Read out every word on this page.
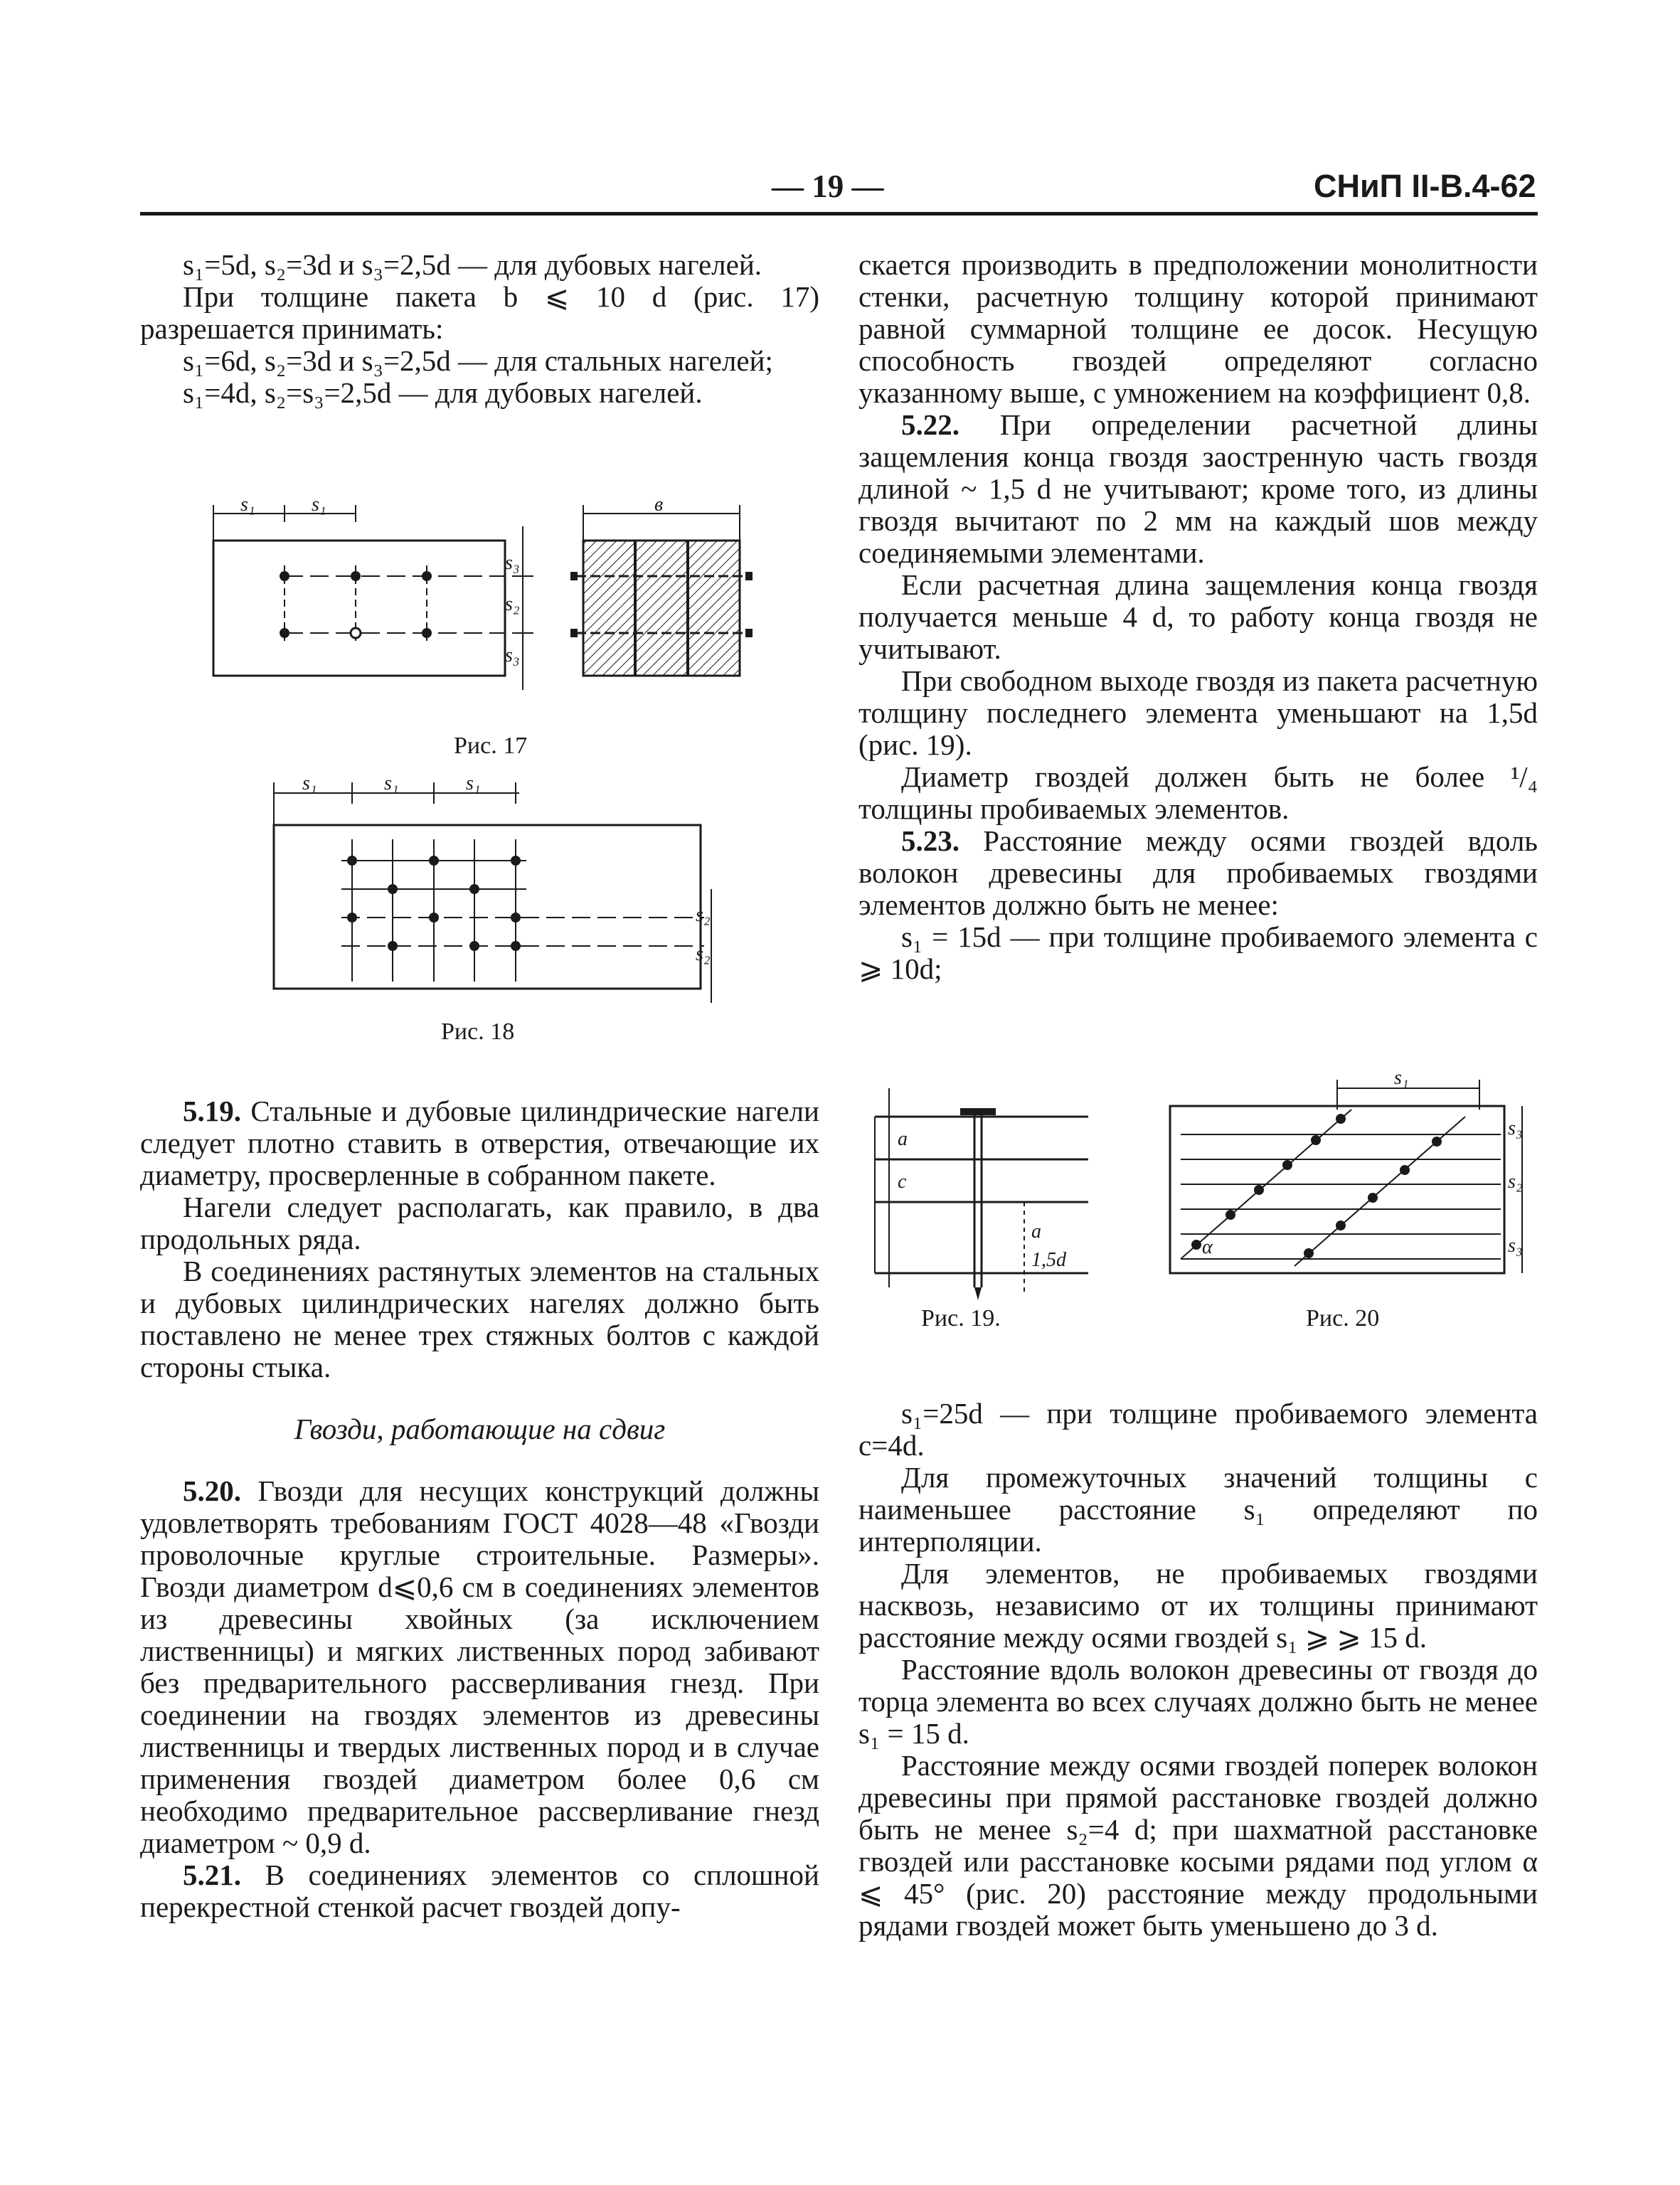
— 19 —	СНиП II-В.4-62

s₁=5d, s₂=3d и s₃=2,5d — для дубовых нагелей.

При толщине пакета b ⩽ 10 d (рис. 17) разрешается принимать:

s₁=6d, s₂=3d и s₃=2,5d — для стальных нагелей;

s₁=4d, s₂=s₃=2,5d — для дубовых нагелей.

s₁	s₁
s₃
s₂
s₃
в
Рис. 17
s₁	s₁	s₁
s₂
s₂
Рис. 18

5.19. Стальные и дубовые цилиндрические нагели следует плотно ставить в отверстия, отвечающие их диаметру, просверленные в собранном пакете.

Нагели следует располагать, как правило, в два продольных ряда.

В соединениях растянутых элементов на стальных и дубовых цилиндрических нагелях должно быть поставлено не менее трех стяжных болтов с каждой стороны стыка.

Гвозди, работающие на сдвиг

5.20. Гвозди для несущих конструкций должны удовлетворять требованиям ГОСТ 4028—48 «Гвозди проволочные круглые строительные. Размеры». Гвозди диаметром d⩽0,6 см в соединениях элементов из древесины хвойных (за исключением лиственницы) и мягких лиственных пород забивают без предварительного рассверливания гнезд. При соединении на гвоздях элементов из древесины лиственницы и твердых лиственных пород и в случае применения гвоздей диаметром более 0,6 см необходимо предварительное рассверливание гнезд диаметром ~ 0,9 d.

5.21. В соединениях элементов со сплошной перекрестной стенкой расчет гвоздей допу-

скается производить в предположении монолитности стенки, расчетную толщину которой принимают равной суммарной толщине ее досок. Несущую способность гвоздей определяют согласно указанному выше, с умножением на коэффициент 0,8.

5.22. При определении расчетной длины защемления конца гвоздя заостренную часть гвоздя длиной ~ 1,5 d не учитывают; кроме того, из длины гвоздя вычитают по 2 мм на каждый шов между соединяемыми элементами.

Если расчетная длина защемления конца гвоздя получается меньше 4 d, то работу конца гвоздя не учитывают.

При свободном выходе гвоздя из пакета расчетную толщину последнего элемента уменьшают на 1,5d (рис. 19).

Диаметр гвоздей должен быть не более ¹/₄ толщины пробиваемых элементов.

5.23. Расстояние между осями гвоздей вдоль волокон древесины для пробиваемых гвоздями элементов должно быть не менее:

s₁ = 15d — при толщине пробиваемого элемента c ⩾ 10d;

a
c
a
1,5d
Рис. 19.
s₁
s₃
s₂
s₃
α
Рис. 20

s₁=25d — при толщине пробиваемого элемента c=4d.

Для промежуточных значений толщины c наименьшее расстояние s₁ определяют по интерполяции.

Для элементов, не пробиваемых гвоздями насквозь, независимо от их толщины принимают расстояние между осями гвоздей s₁ ⩾ ⩾ 15 d.

Расстояние вдоль волокон древесины от гвоздя до торца элемента во всех случаях должно быть не менее s₁ = 15 d.

Расстояние между осями гвоздей поперек волокон древесины при прямой расстановке гвоздей должно быть не менее s₂=4 d; при шахматной расстановке гвоздей или расстановке косыми рядами под углом α ⩽ 45° (рис. 20) расстояние между продольными рядами гвоздей может быть уменьшено до 3 d.
